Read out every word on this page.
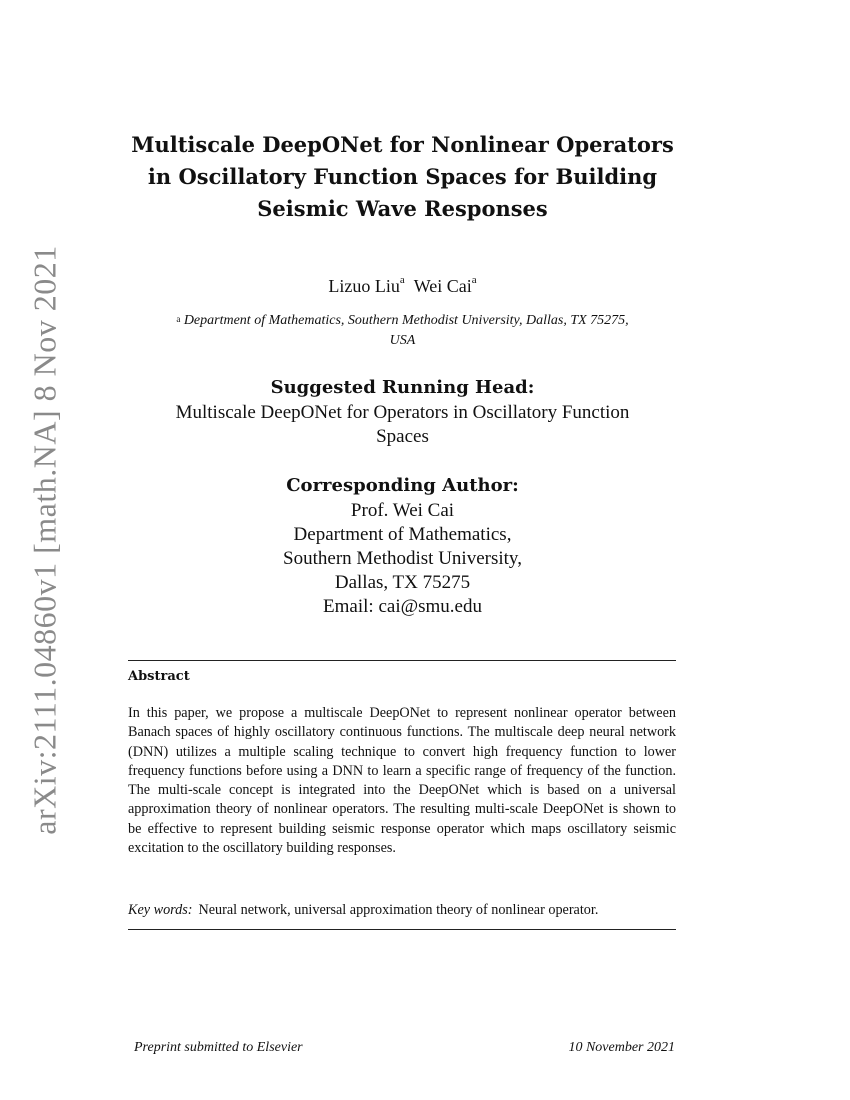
arXiv:2111.04860v1 [math.NA] 8 Nov 2021
Multiscale DeepONet for Nonlinear Operators
in Oscillatory Function Spaces for Building
Seismic Wave Responses
Lizuo Liu$^a$ Wei Cai$^a$
$^a$ Department of Mathematics, Southern Methodist University, Dallas, TX 75275,
USA
Suggested Running Head:
Multiscale DeepONet for Operators in Oscillatory Function
Spaces
Corresponding Author:
Prof. Wei Cai
Department of Mathematics,
Southern Methodist University,
Dallas, TX 75275
Email: cai@smu.edu
Abstract

In this paper, we propose a multiscale DeepONet to represent nonlinear operator between Banach spaces of highly oscillatory continuous functions. The multiscale deep neural network (DNN) utilizes a multiple scaling technique to convert high frequency function to lower frequency functions before using a DNN to learn a specific range of frequency of the function. The multi-scale concept is integrated into the DeepONet which is based on a universal approximation theory of nonlinear operators. The resulting multi-scale DeepONet is shown to be effective to represent building seismic response operator which maps oscillatory seismic excitation to the oscillatory building responses.

Key words: Neural network, universal approximation theory of nonlinear operator.
Preprint submitted to Elsevier	10 November 2021
